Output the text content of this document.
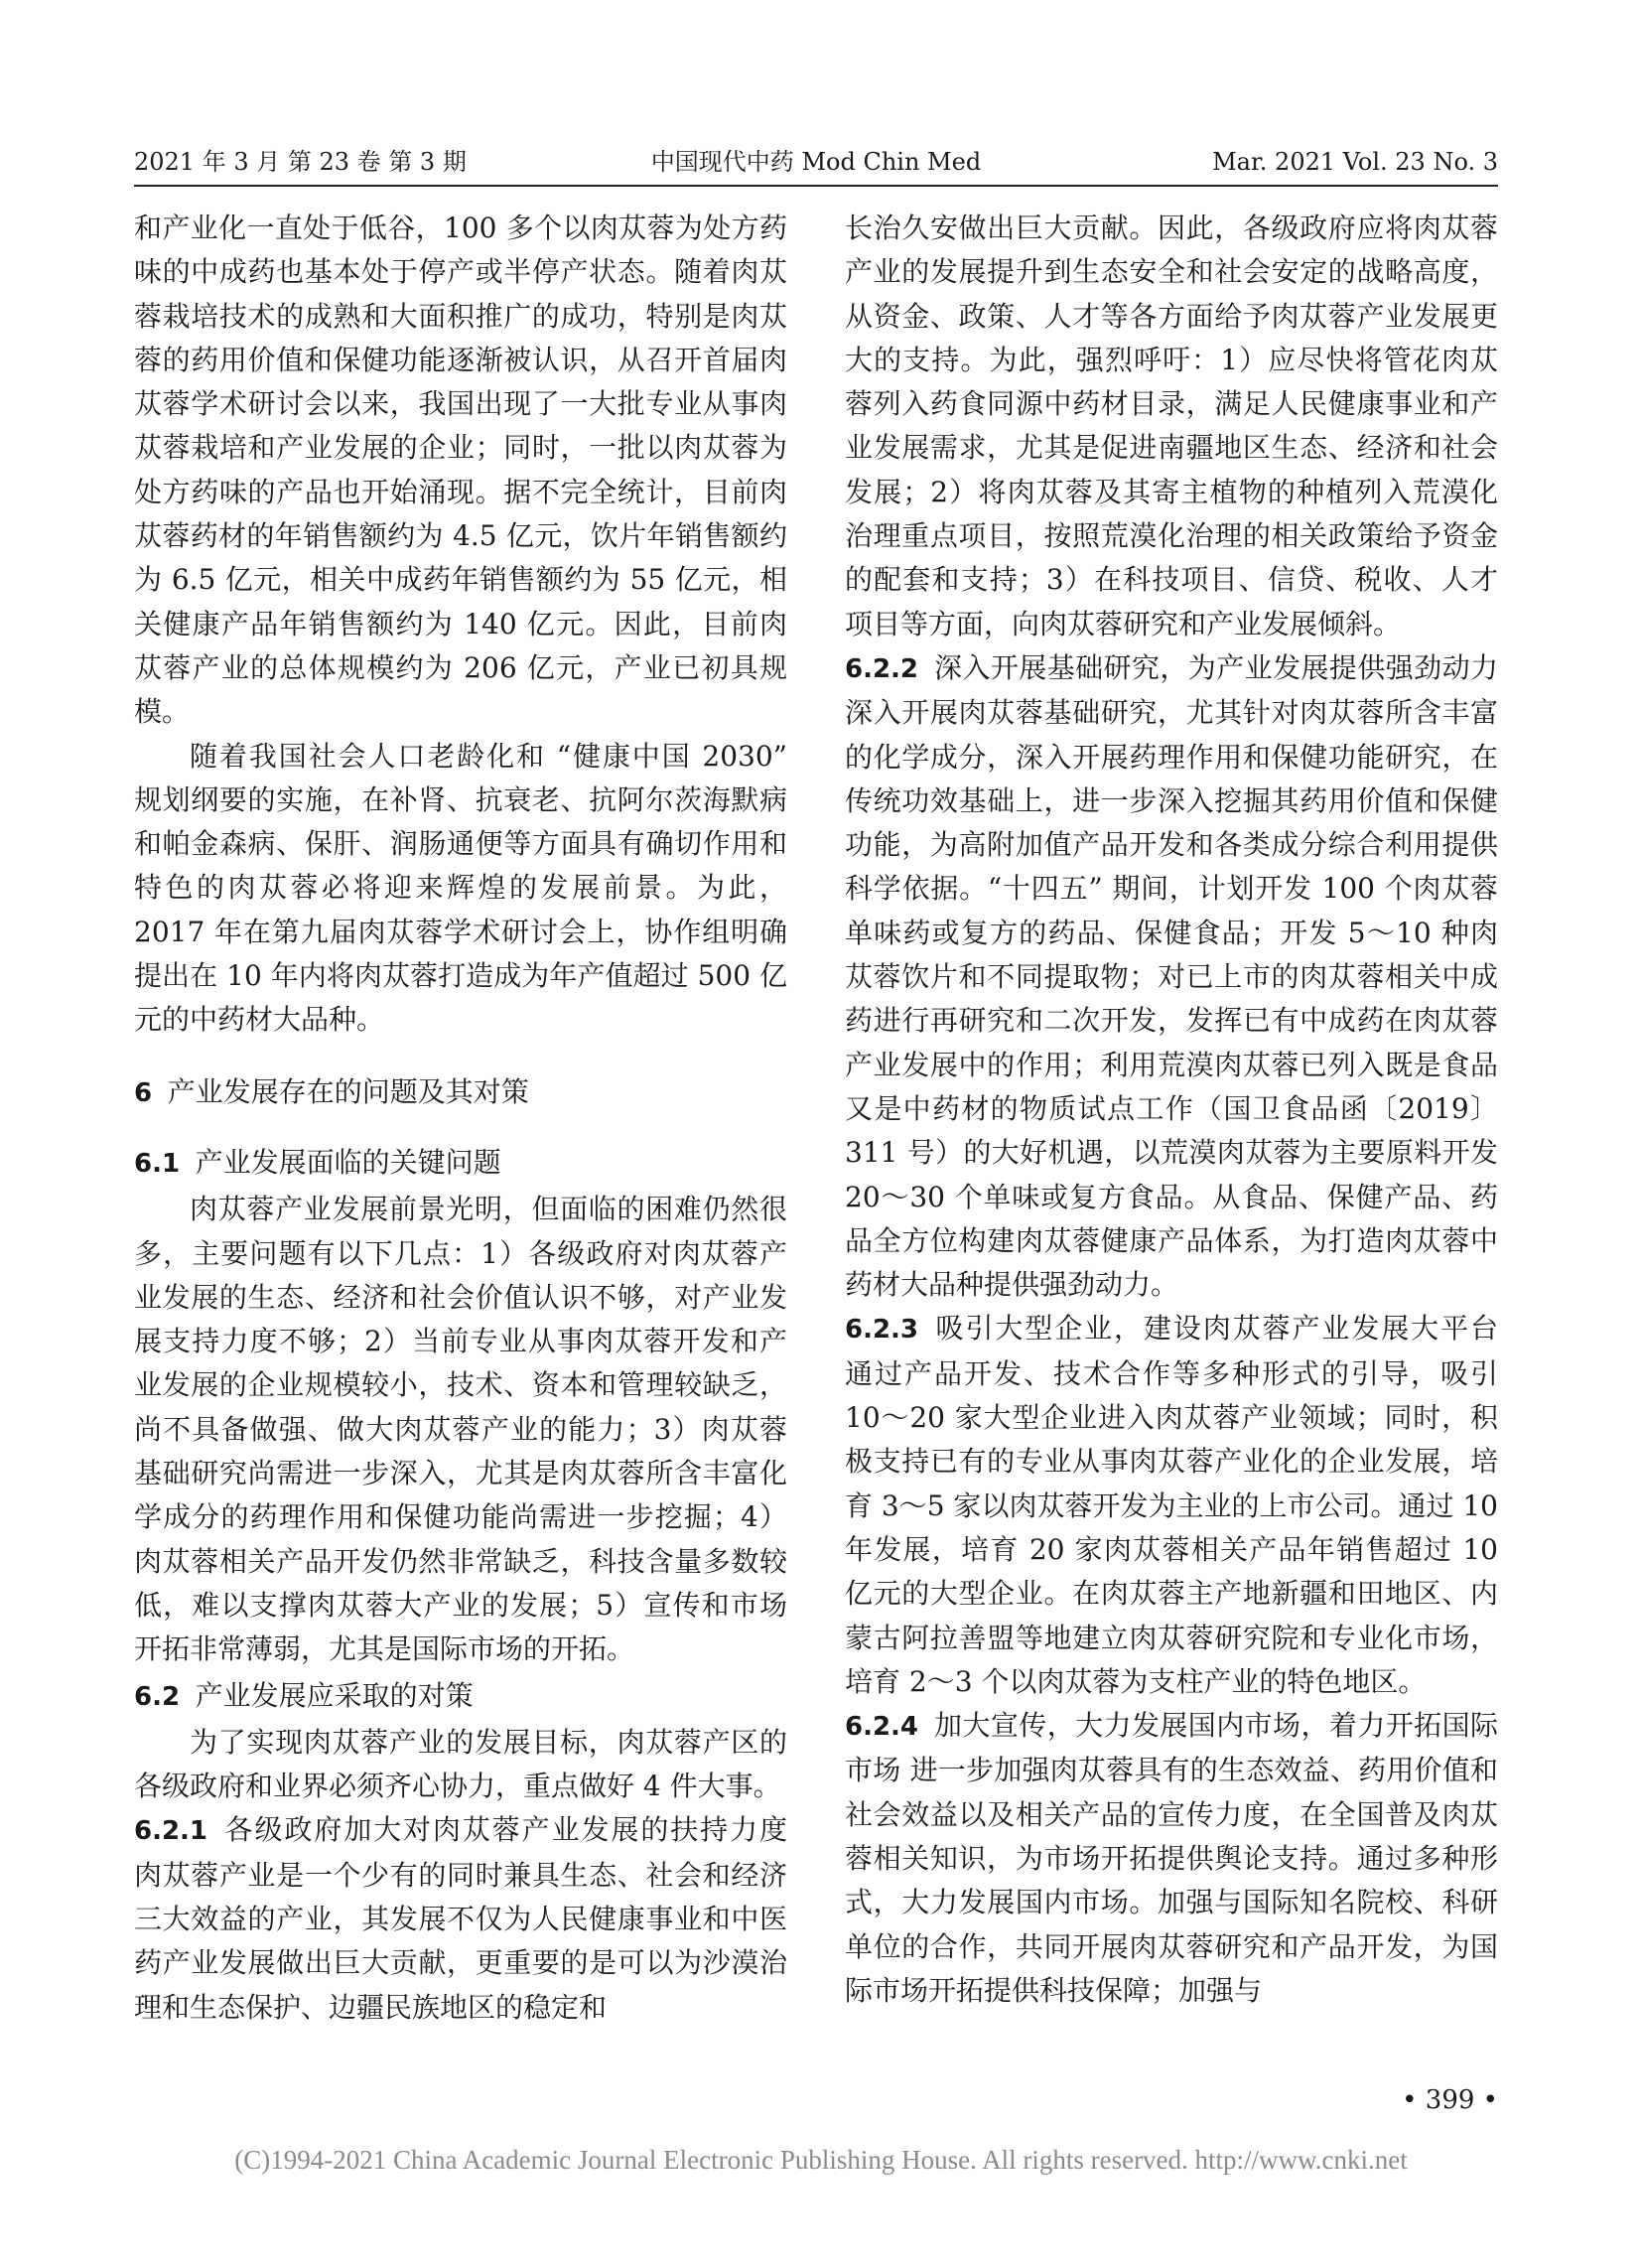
2021 年 3 月 第 23 卷 第 3 期	中国现代中药 Mod Chin Med	Mar. 2021 Vol. 23 No. 3

和产业化一直处于低谷，100 多个以肉苁蓉为处方药味的中成药也基本处于停产或半停产状态。随着肉苁蓉栽培技术的成熟和大面积推广的成功，特别是肉苁蓉的药用价值和保健功能逐渐被认识，从召开首届肉苁蓉学术研讨会以来，我国出现了一大批专业从事肉苁蓉栽培和产业发展的企业；同时，一批以肉苁蓉为处方药味的产品也开始涌现。据不完全统计，目前肉苁蓉药材的年销售额约为 4.5 亿元，饮片年销售额约为 6.5 亿元，相关中成药年销售额约为 55 亿元，相关健康产品年销售额约为 140 亿元。因此，目前肉苁蓉产业的总体规模约为 206 亿元，产业已初具规模。

随着我国社会人口老龄化和 “健康中国 2030” 规划纲要的实施，在补肾、抗衰老、抗阿尔茨海默病和帕金森病、保肝、润肠通便等方面具有确切作用和特色的肉苁蓉必将迎来辉煌的发展前景。为此，2017 年在第九届肉苁蓉学术研讨会上，协作组明确提出在 10 年内将肉苁蓉打造成为年产值超过 500 亿元的中药材大品种。

6 产业发展存在的问题及其对策

6.1 产业发展面临的关键问题

肉苁蓉产业发展前景光明，但面临的困难仍然很多，主要问题有以下几点：1）各级政府对肉苁蓉产业发展的生态、经济和社会价值认识不够，对产业发展支持力度不够；2）当前专业从事肉苁蓉开发和产业发展的企业规模较小，技术、资本和管理较缺乏，尚不具备做强、做大肉苁蓉产业的能力；3）肉苁蓉基础研究尚需进一步深入，尤其是肉苁蓉所含丰富化学成分的药理作用和保健功能尚需进一步挖掘；4）肉苁蓉相关产品开发仍然非常缺乏，科技含量多数较低，难以支撑肉苁蓉大产业的发展；5）宣传和市场开拓非常薄弱，尤其是国际市场的开拓。

6.2 产业发展应采取的对策

为了实现肉苁蓉产业的发展目标，肉苁蓉产区的各级政府和业界必须齐心协力，重点做好 4 件大事。

6.2.1 各级政府加大对肉苁蓉产业发展的扶持力度 肉苁蓉产业是一个少有的同时兼具生态、社会和经济三大效益的产业，其发展不仅为人民健康事业和中医药产业发展做出巨大贡献，更重要的是可以为沙漠治理和生态保护、边疆民族地区的稳定和

长治久安做出巨大贡献。因此，各级政府应将肉苁蓉产业的发展提升到生态安全和社会安定的战略高度，从资金、政策、人才等各方面给予肉苁蓉产业发展更大的支持。为此，强烈呼吁：1）应尽快将管花肉苁蓉列入药食同源中药材目录，满足人民健康事业和产业发展需求，尤其是促进南疆地区生态、经济和社会发展；2）将肉苁蓉及其寄主植物的种植列入荒漠化治理重点项目，按照荒漠化治理的相关政策给予资金的配套和支持；3）在科技项目、信贷、税收、人才项目等方面，向肉苁蓉研究和产业发展倾斜。

6.2.2 深入开展基础研究，为产业发展提供强劲动力 深入开展肉苁蓉基础研究，尤其针对肉苁蓉所含丰富的化学成分，深入开展药理作用和保健功能研究，在传统功效基础上，进一步深入挖掘其药用价值和保健功能，为高附加值产品开发和各类成分综合利用提供科学依据。“十四五” 期间，计划开发 100 个肉苁蓉单味药或复方的药品、保健食品；开发 5～10 种肉苁蓉饮片和不同提取物；对已上市的肉苁蓉相关中成药进行再研究和二次开发，发挥已有中成药在肉苁蓉产业发展中的作用；利用荒漠肉苁蓉已列入既是食品又是中药材的物质试点工作（国卫食品函〔2019〕311 号）的大好机遇，以荒漠肉苁蓉为主要原料开发 20～30 个单味或复方食品。从食品、保健产品、药品全方位构建肉苁蓉健康产品体系，为打造肉苁蓉中药材大品种提供强劲动力。

6.2.3 吸引大型企业，建设肉苁蓉产业发展大平台 通过产品开发、技术合作等多种形式的引导，吸引 10～20 家大型企业进入肉苁蓉产业领域；同时，积极支持已有的专业从事肉苁蓉产业化的企业发展，培育 3～5 家以肉苁蓉开发为主业的上市公司。通过 10 年发展，培育 20 家肉苁蓉相关产品年销售超过 10 亿元的大型企业。在肉苁蓉主产地新疆和田地区、内蒙古阿拉善盟等地建立肉苁蓉研究院和专业化市场，培育 2～3 个以肉苁蓉为支柱产业的特色地区。

6.2.4 加大宣传，大力发展国内市场，着力开拓国际市场 进一步加强肉苁蓉具有的生态效益、药用价值和社会效益以及相关产品的宣传力度，在全国普及肉苁蓉相关知识，为市场开拓提供舆论支持。通过多种形式，大力发展国内市场。加强与国际知名院校、科研单位的合作，共同开展肉苁蓉研究和产品开发，为国际市场开拓提供科技保障；加强与

• 399 •
(C)1994-2021 China Academic Journal Electronic Publishing House. All rights reserved. http://www.cnki.net
